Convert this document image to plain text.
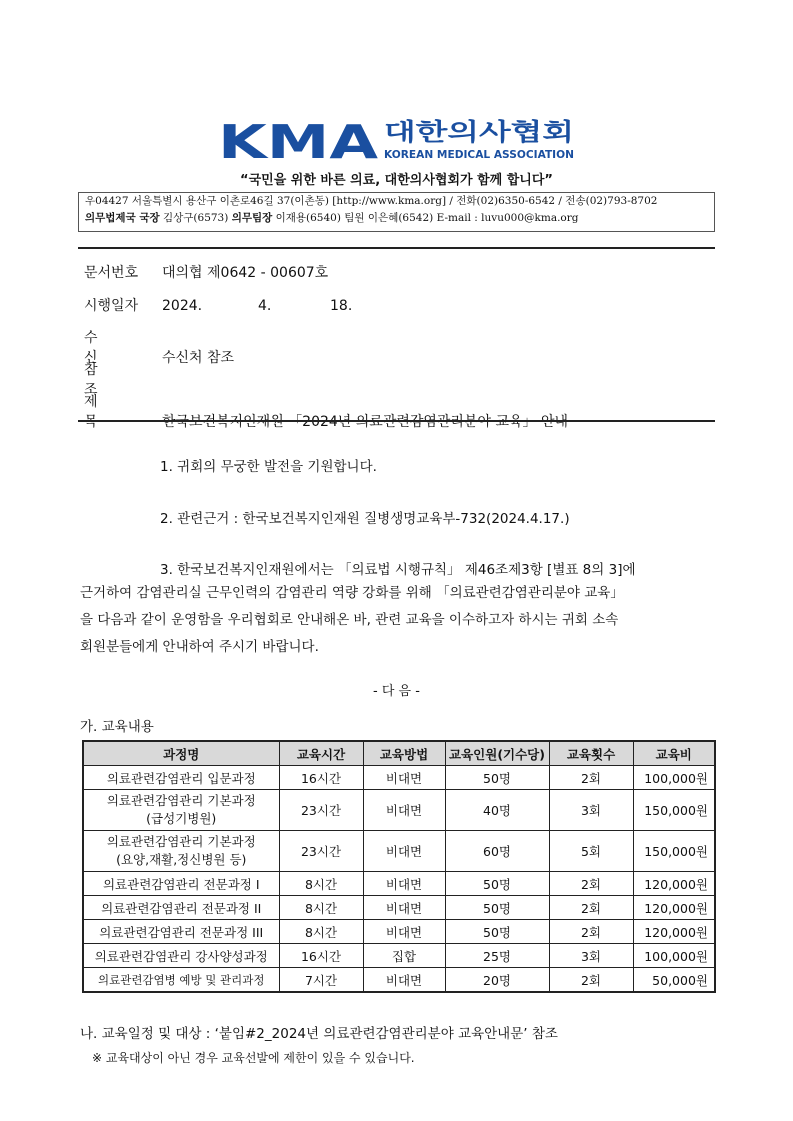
KMA 대한의사협회
KOREAN MEDICAL ASSOCIATION
“국민을 위한 바른 의료, 대한의사협회가 함께 합니다”
우04427 서울특별시 용산구 이촌로46길 37(이촌동) [http://www.kma.org] / 전화(02)6350-6542 / 전송(02)793-8702
의무법제국 국장 김상구(6573) 의무팀장 이재용(6540) 팀원 이은혜(6542) E-mail : luvu000@kma.org
문서번호 대의협 제0642 - 00607호
시행일자 2024.	4.	18.
수 신 수신처 참조
참 조
제 목 한국보건복지인재원 「2024년 의료관련감염관리분야 교육」 안내
1. 귀회의 무궁한 발전을 기원합니다.
2. 관련근거 : 한국보건복지인재원 질병생명교육부-732(2024.4.17.)
3. 한국보건복지인재원에서는 「의료법 시행규칙」 제46조제3항 [별표 8의 3]에
근거하여 감염관리실 근무인력의 감염관리 역량 강화를 위해 「의료관련감염관리분야 교육」
을 다음과 같이 운영함을 우리협회로 안내해온 바, 관련 교육을 이수하고자 하시는 귀회 소속
회원분들에게 안내하여 주시기 바랍니다.
- 다 음 -
가. 교육내용
과정명	교육시간	교육방법	교육인원(기수당)	교육횟수	교육비
의료관련감염관리 입문과정	16시간	비대면	50명	2회	100,000원

의료관련감염관리 기본과정
(급성기병원)	23시간	비대면	40명	3회	150,000원

의료관련감염관리 기본과정
(요양,재활,정신병원 등)	23시간	비대면	60명	5회	150,000원
의료관련감염관리 전문과정 I	8시간	비대면	50명	2회	120,000원
의료관련감염관리 전문과정 II	8시간	비대면	50명	2회	120,000원
의료관련감염관리 전문과정 III	8시간	비대면	50명	2회	120,000원
의료관련감염관리 강사양성과정	16시간	집합	25명	3회	100,000원
의료관련감염병 예방 및 관리과정	7시간	비대면	20명	2회	50,000원
나. 교육일정 및 대상 : ‘붙임#2_2024년 의료관련감염관리분야 교육안내문’ 참조
※ 교육대상이 아닌 경우 교육선발에 제한이 있을 수 있습니다.
